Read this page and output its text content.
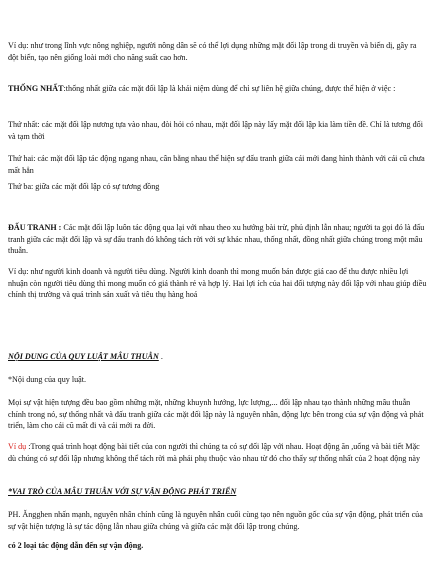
Ví dụ: như trong lĩnh vực nông nghiệp, người nông dân sẽ có thể lợi dụng những mặt đối lập trong di truyền và biến dị, gây ra đột biến, tạo nên giống loài mới cho năng suất cao hơn.

THỐNG NHẤT:thống nhất giữa các mặt đối lập là khái niệm dùng để chỉ sự liên hệ giữa chúng, được thể hiện ở việc :

Thứ nhất: các mặt đối lập nương tựa vào nhau, đòi hỏi có nhau, mặt đối lập này lấy mặt đối lập kia làm tiền đề. Chỉ là tương đối và tạm thời

Thứ hai: các mặt đối lập tác động ngang nhau, cân bằng nhau thể hiện sự đấu tranh giữa cái mới đang hình thành với cái cũ chưa mất hẳn

Thứ ba: giữa các mặt đối lập có sự tương đồng

ĐẤU TRANH : Các mặt đối lập luôn tác động qua lại với nhau theo xu hướng bài trừ, phủ định lẫn nhau; người ta gọi đó là đấu tranh giữa các mặt đối lập và sự đấu tranh đó không tách rời với sự khác nhau, thống nhất, đồng nhất giữa chúng trong một mâu thuẫn.

Ví dụ: như người kinh doanh và người tiêu dùng. Người kinh doanh thì mong muốn bán được giá cao để thu được nhiều lợi nhuận còn người tiêu dùng thì mong muốn có giá thành rẻ và hợp lý. Hai lợi ích của hai đối tượng này đối lập với nhau giúp điều chỉnh thị trường và quá trình sản xuất và tiêu thụ hàng hoá

NỘI DUNG CỦA QUY LUẬT MÂU THUẪN .

*Nội dung của quy luật.

Mọi sự vật hiện tượng đều bao gồm những mặt, những khuynh hướng, lực lượng,... đối lập nhau tạo thành những mâu thuẫn chính trong nó, sự thống nhất và đấu tranh giữa các mặt đối lập này là nguyên nhân, động lực bên trong của sự vận động và phát triển, làm cho cái cũ mất đi và cái mới ra đời.

Ví dụ :Trong quá trình hoạt động bài tiết của con người thì chúng ta có sự đối lập với nhau. Hoạt động ăn ,uống và bài tiết Mặc dù chúng có sự đối lập nhưng không thể tách rời mà phải phụ thuộc vào nhau từ đó cho thấy sự thống nhất của 2 hoạt động này

*VAI TRÒ CỦA MÂU THUẪN VỚI SỰ VẬN ĐỘNG PHÁT TRIỂN

PH. Ăngghen nhấn mạnh, nguyên nhân chính cũng là nguyên nhân cuối cùng tạo nên nguồn gốc của sự vận động, phát triển của sự vật hiện tượng là sự tác động lẫn nhau giữa chúng và giữa các mặt đối lập trong chúng.

có 2 loại tác động dẫn đến sự vận động.
